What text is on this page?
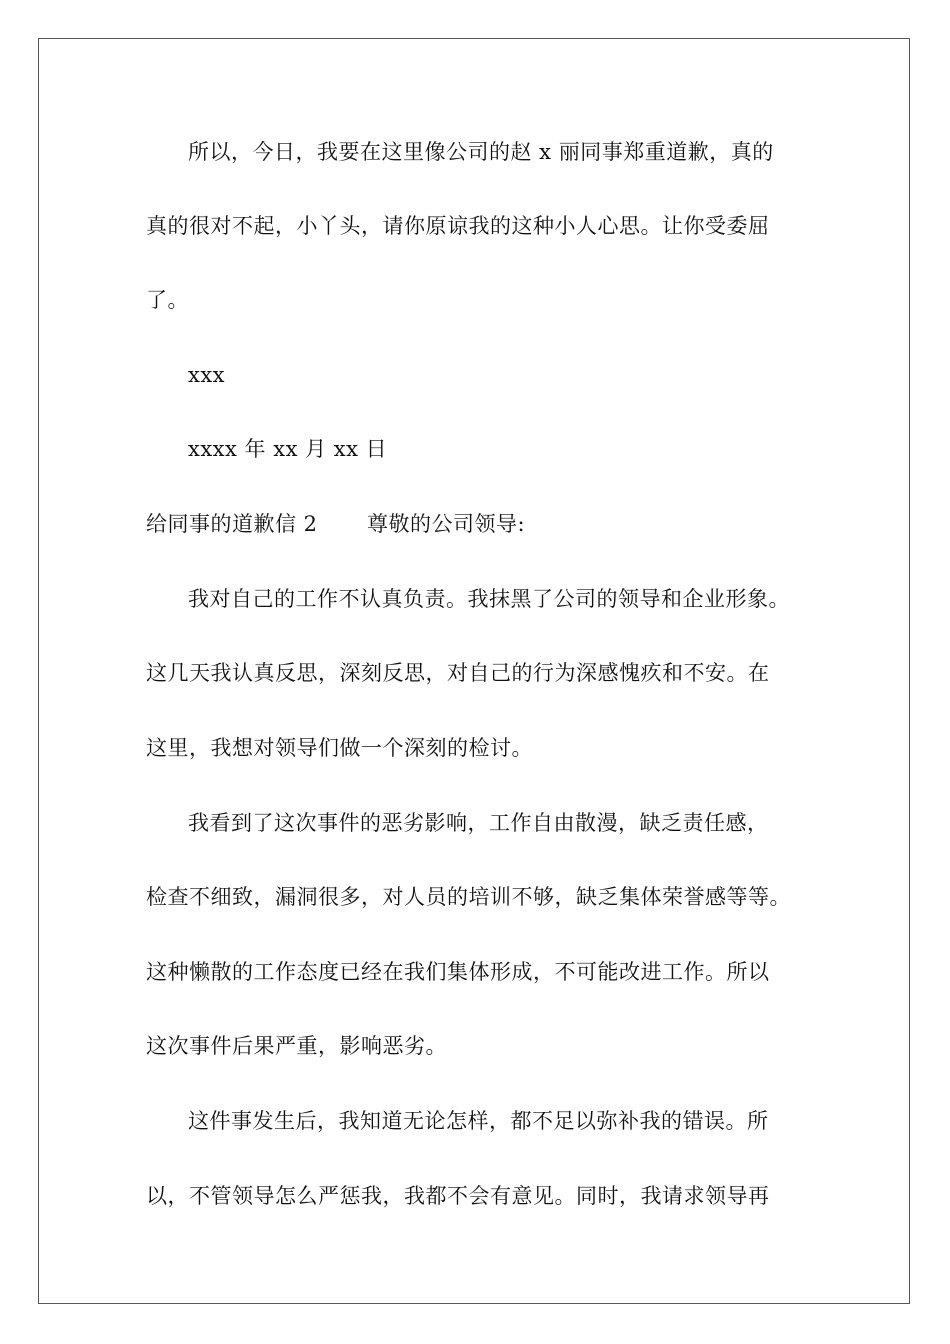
所以，今日，我要在这里像公司的赵 x 丽同事郑重道歉，真的
真的很对不起，小丫头，请你原谅我的这种小人心思。让你受委屈
了。
xxx
xxxx 年 xx 月 xx 日
给同事的道歉信 2 尊敬的公司领导:
我对自己的工作不认真负责。我抹黑了公司的领导和企业形象。
这几天我认真反思，深刻反思，对自己的行为深感愧疚和不安。在
这里，我想对领导们做一个深刻的检讨。
我看到了这次事件的恶劣影响，工作自由散漫，缺乏责任感，
检查不细致，漏洞很多，对人员的培训不够，缺乏集体荣誉感等等。
这种懒散的工作态度已经在我们集体形成，不可能改进工作。所以
这次事件后果严重，影响恶劣。
这件事发生后，我知道无论怎样，都不足以弥补我的错误。所
以，不管领导怎么严惩我，我都不会有意见。同时，我请求领导再
